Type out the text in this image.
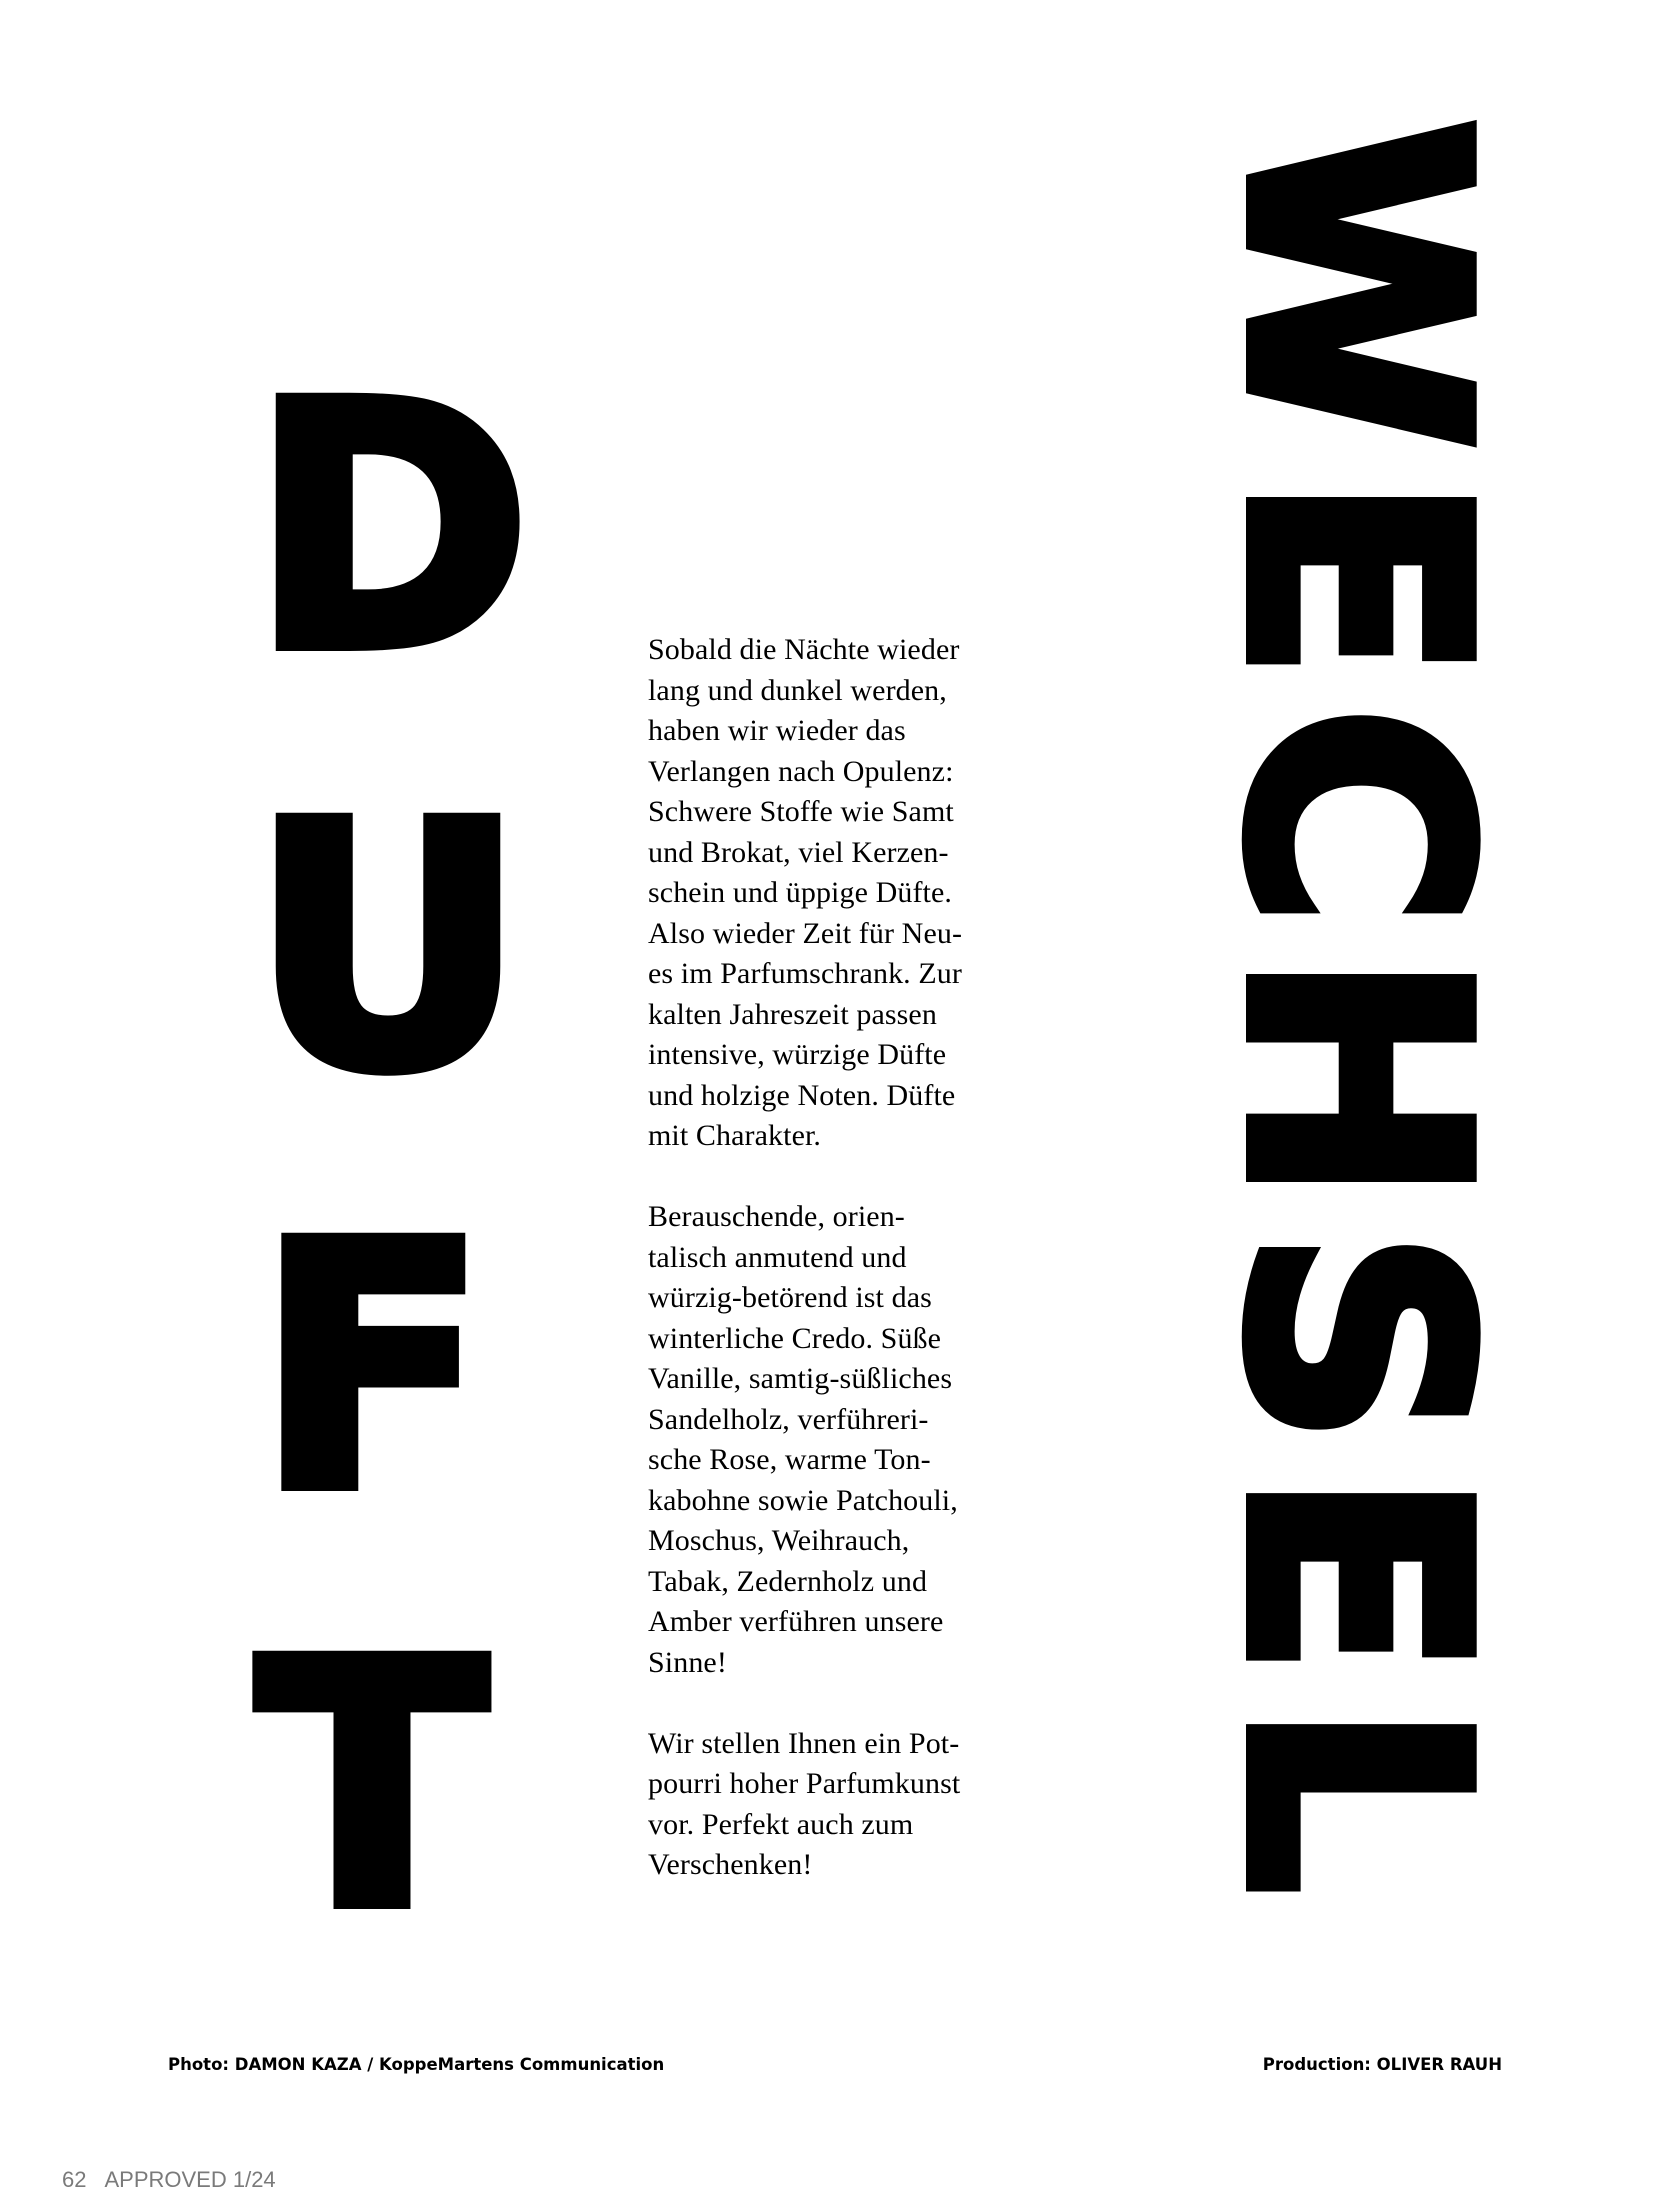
D
U
F
T WECHSEL

Sobald die Nächte wieder
lang und dunkel werden,
haben wir wieder das
Verlangen nach Opulenz:
Schwere Stoffe wie Samt
und Brokat, viel Kerzen-
schein und üppige Düfte.
Also wieder Zeit für Neu-
es im Parfumschrank. Zur
kalten Jahreszeit passen
intensive, würzige Düfte
und holzige Noten. Düfte
mit Charakter.

Berauschende, orien-
talisch anmutend und
würzig-betörend ist das
winterliche Credo. Süße
Vanille, samtig-süßliches
Sandelholz, verführeri-
sche Rose, warme Ton-
kabohne sowie Patchouli,
Moschus, Weihrauch,
Tabak, Zedernholz und
Amber verführen unsere
Sinne!

Wir stellen Ihnen ein Pot-
pourri hoher Parfumkunst
vor. Perfekt auch zum
Verschenken!

Photo: DAMON KAZA / KoppeMartens Communication	Production: OLIVER RAUH
62 APPROVED 1/24
